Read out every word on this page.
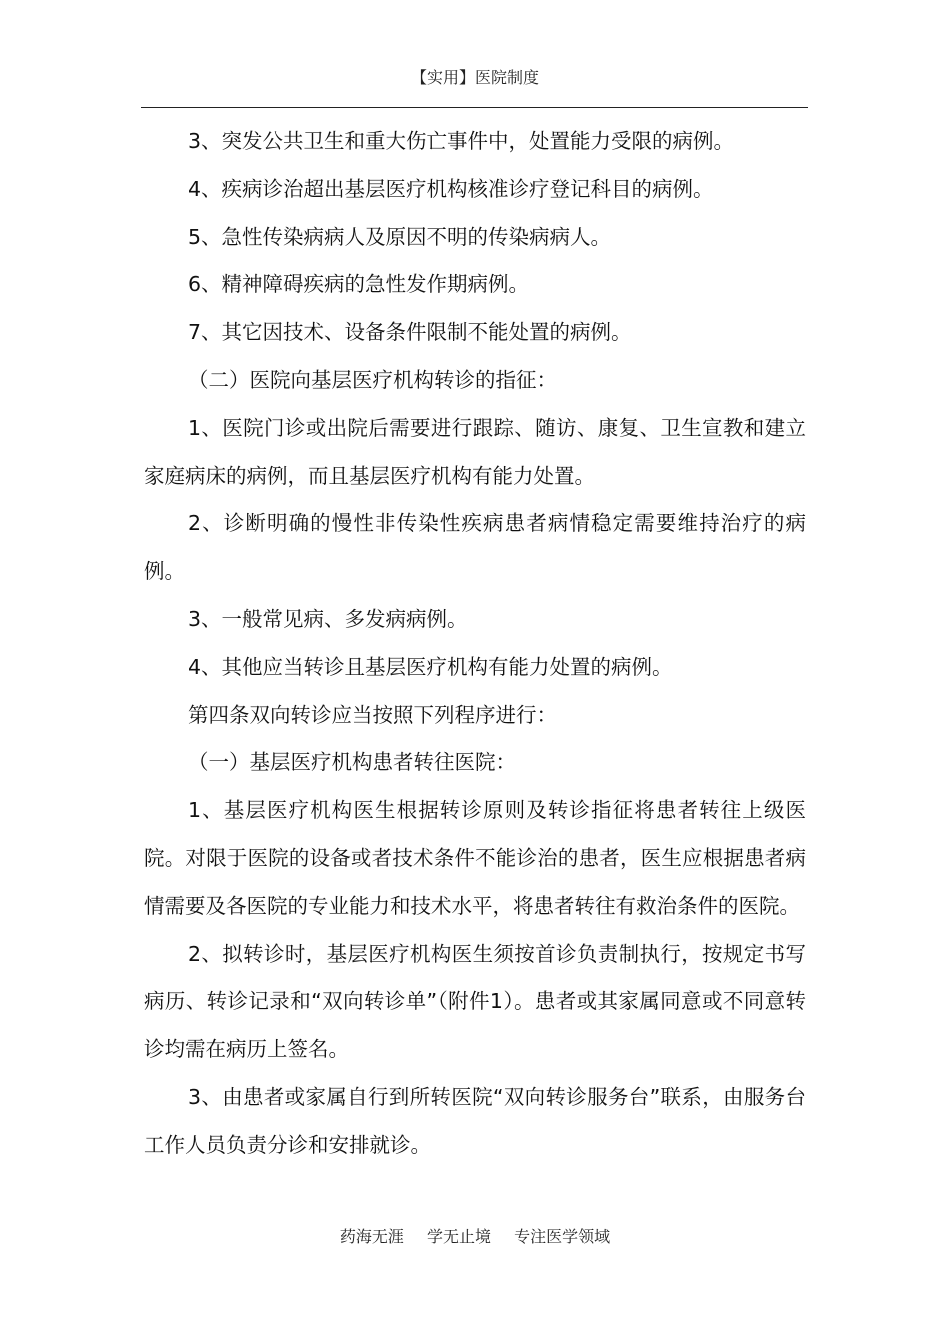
【实用】医院制度

3、突发公共卫生和重大伤亡事件中，处置能力受限的病例。

4、疾病诊治超出基层医疗机构核准诊疗登记科目的病例。

5、急性传染病病人及原因不明的传染病病人。

6、精神障碍疾病的急性发作期病例。

7、其它因技术、设备条件限制不能处置的病例。

（二）医院向基层医疗机构转诊的指征：

1、医院门诊或出院后需要进行跟踪、随访、康复、卫生宣教和建立家庭病床的病例，而且基层医疗机构有能力处置。

2、诊断明确的慢性非传染性疾病患者病情稳定需要维持治疗的病例。

3、一般常见病、多发病病例。

4、其他应当转诊且基层医疗机构有能力处置的病例。

第四条双向转诊应当按照下列程序进行：

（一）基层医疗机构患者转往医院：

1、基层医疗机构医生根据转诊原则及转诊指征将患者转往上级医院。对限于医院的设备或者技术条件不能诊治的患者，医生应根据患者病情需要及各医院的专业能力和技术水平，将患者转往有救治条件的医院。

2、拟转诊时，基层医疗机构医生须按首诊负责制执行，按规定书写病历、转诊记录和“双向转诊单”（附件1）。患者或其家属同意或不同意转诊均需在病历上签名。

3、由患者或家属自行到所转医院“双向转诊服务台”联系，由服务台工作人员负责分诊和安排就诊。

药海无涯 学无止境 专注医学领域
